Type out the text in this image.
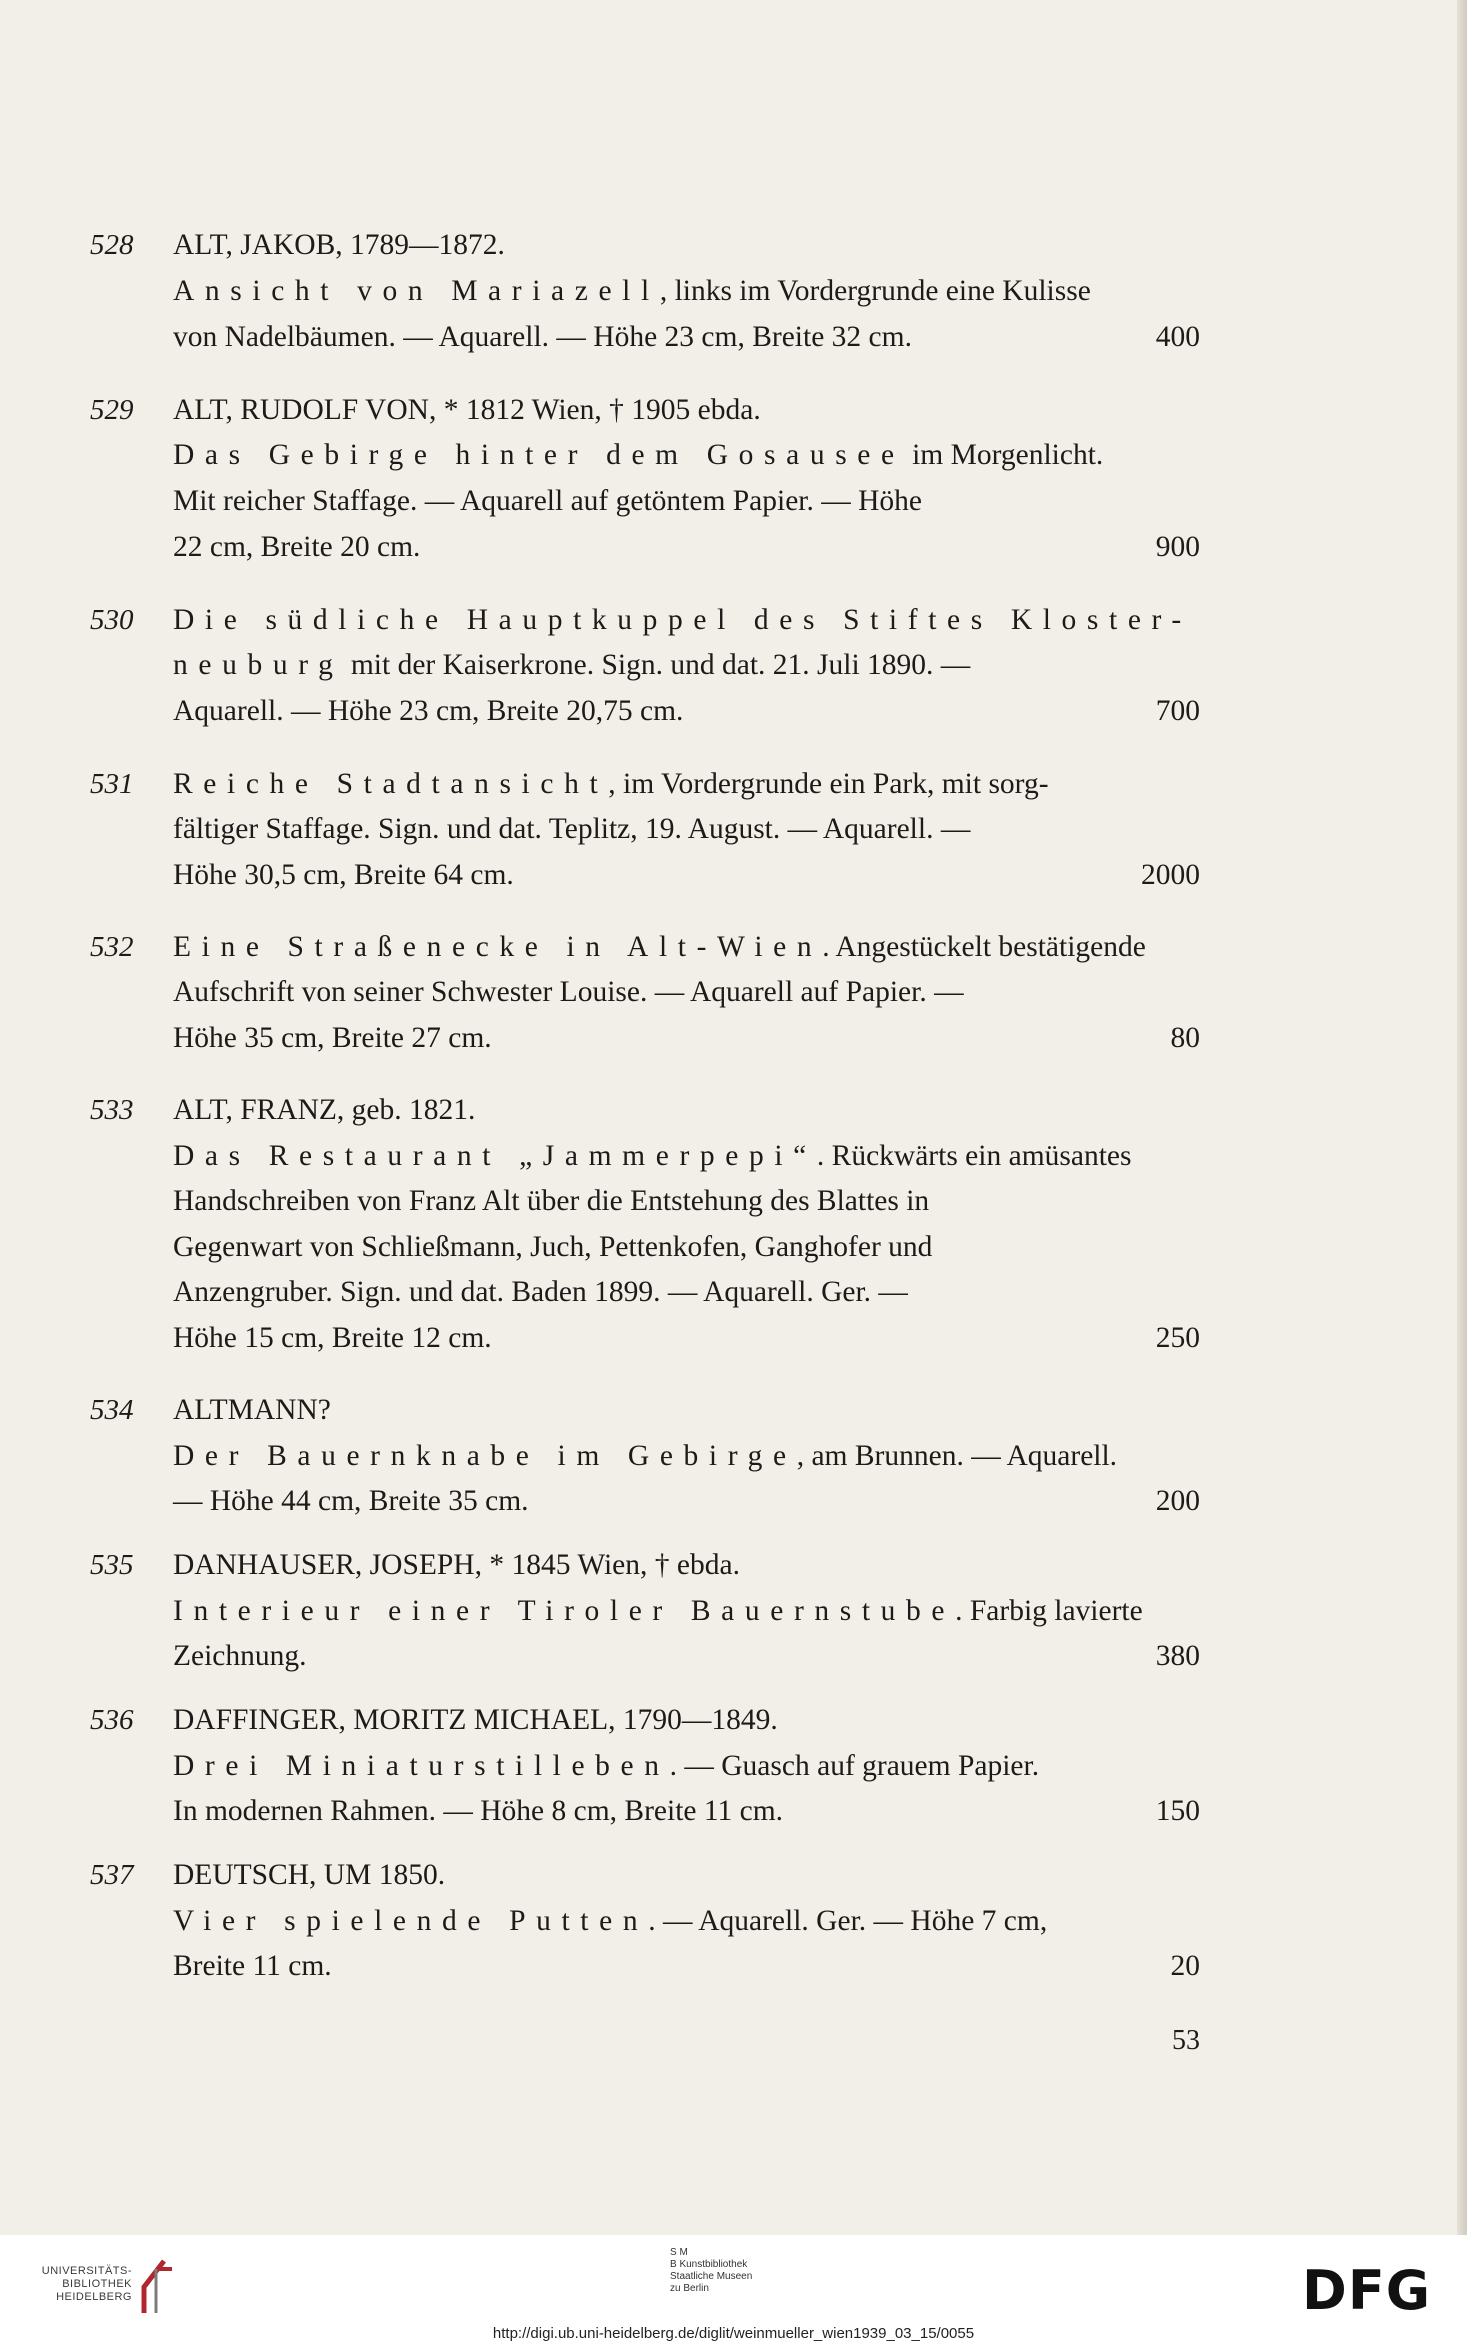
528	ALT, JAKOB, 1789—1872.
Ansicht von Mariazell, links im Vordergrunde eine Kulisse
von Nadelbäumen. — Aquarell. — Höhe 23 cm, Breite 32 cm.	400
529	ALT, RUDOLF VON, * 1812 Wien, † 1905 ebda.
Das Gebirge hinter dem Gosausee im Morgenlicht.
Mit reicher Staffage. — Aquarell auf getöntem Papier. — Höhe
22 cm, Breite 20 cm.	900
530	Die südliche Hauptkuppel des Stiftes Kloster-
neuburg mit der Kaiserkrone. Sign. und dat. 21. Juli 1890. —
Aquarell. — Höhe 23 cm, Breite 20,75 cm.	700
531	Reiche Stadtansicht, im Vordergrunde ein Park, mit sorg-
fältiger Staffage. Sign. und dat. Teplitz, 19. August. — Aquarell. —
Höhe 30,5 cm, Breite 64 cm.	2000
532	Eine Straßenecke in Alt-Wien. Angestückelt bestätigende
Aufschrift von seiner Schwester Louise. — Aquarell auf Papier. —
Höhe 35 cm, Breite 27 cm.	80
533	ALT, FRANZ, geb. 1821.
Das Restaurant „Jammerpepi“. Rückwärts ein amüsantes
Handschreiben von Franz Alt über die Entstehung des Blattes in
Gegenwart von Schließmann, Juch, Pettenkofen, Ganghofer und
Anzengruber. Sign. und dat. Baden 1899. — Aquarell. Ger. —
Höhe 15 cm, Breite 12 cm.	250
534	ALTMANN?
Der Bauernknabe im Gebirge, am Brunnen. — Aquarell.
— Höhe 44 cm, Breite 35 cm.	200
535	DANHAUSER, JOSEPH, * 1845 Wien, † ebda.
Interieur einer Tiroler Bauernstube. Farbig lavierte
Zeichnung.	380
536	DAFFINGER, MORITZ MICHAEL, 1790—1849.
Drei Miniaturstilleben. — Guasch auf grauem Papier.
In modernen Rahmen. — Höhe 8 cm, Breite 11 cm.	150
537	DEUTSCH, UM 1850.
Vier spielende Putten. — Aquarell. Ger. — Höhe 7 cm,
Breite 11 cm.	20
53
UNIVERSITÄTS-
BIBLIOTHEK
HEIDELBERG
S M
B Kunstbibliothek
Staatliche Museen
zu Berlin	DFG
http://digi.ub.uni-heidelberg.de/diglit/weinmueller_wien1939_03_15/0055
